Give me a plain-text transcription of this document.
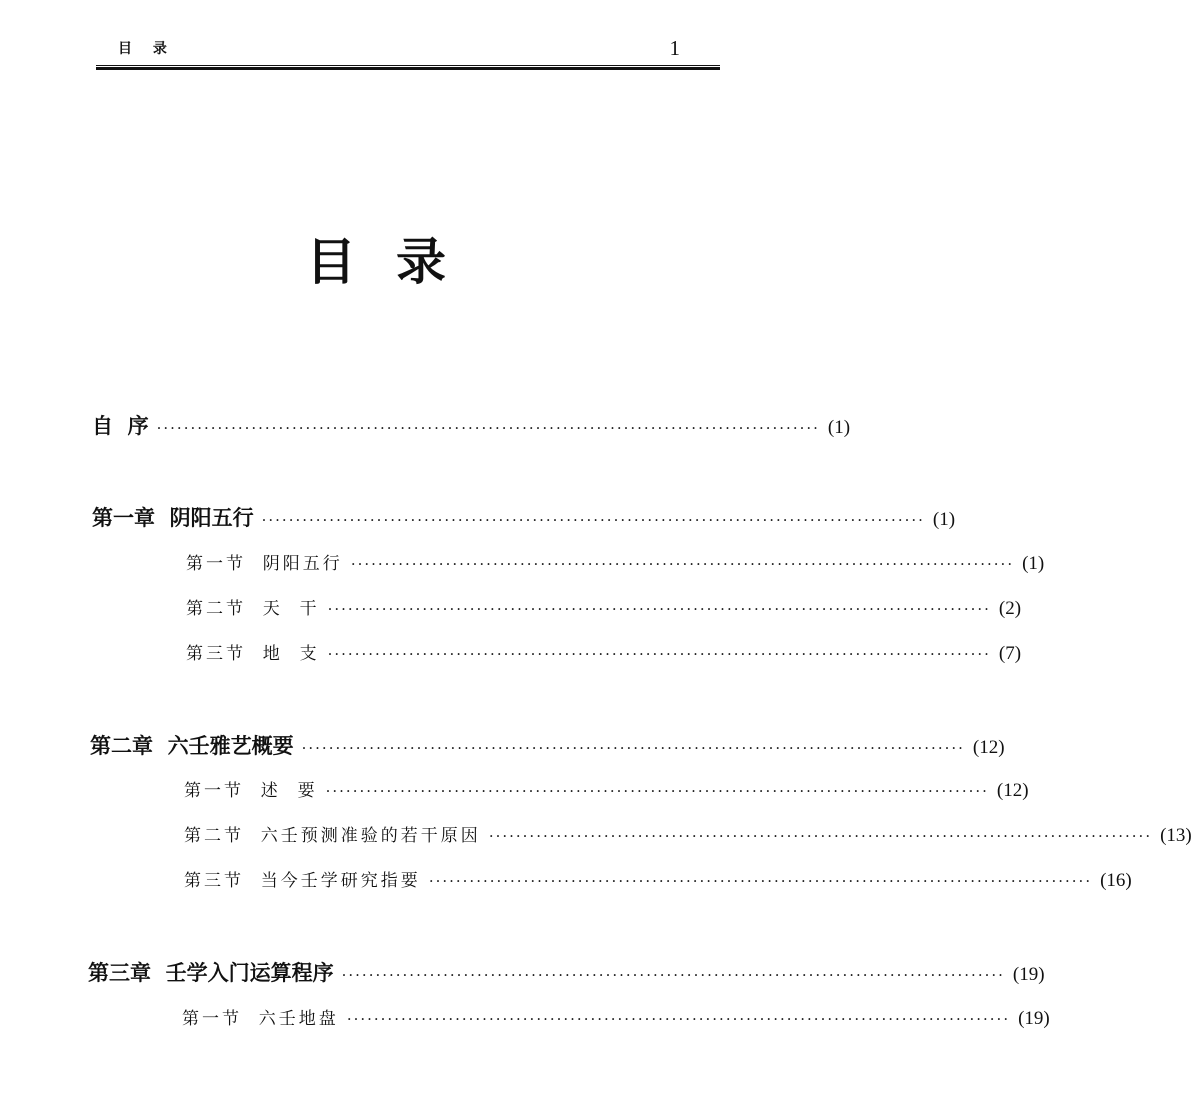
目 录	1
目录
自  序 ·································································································· (1)
第一章  阴阳五行 ·································································································· (1)
第一节  阴阳五行 ·································································································· (1)
第二节  天  干 ·································································································· (2)
第三节  地  支 ·································································································· (7)
第二章  六壬雅艺概要 ·································································································· (12)
第一节  述  要 ·································································································· (12)
第二节  六壬预测准验的若干原因 ·································································································· (13)
第三节  当今壬学研究指要 ·································································································· (16)
第三章  壬学入门运算程序 ·································································································· (19)
第一节  六壬地盘 ·································································································· (19)
